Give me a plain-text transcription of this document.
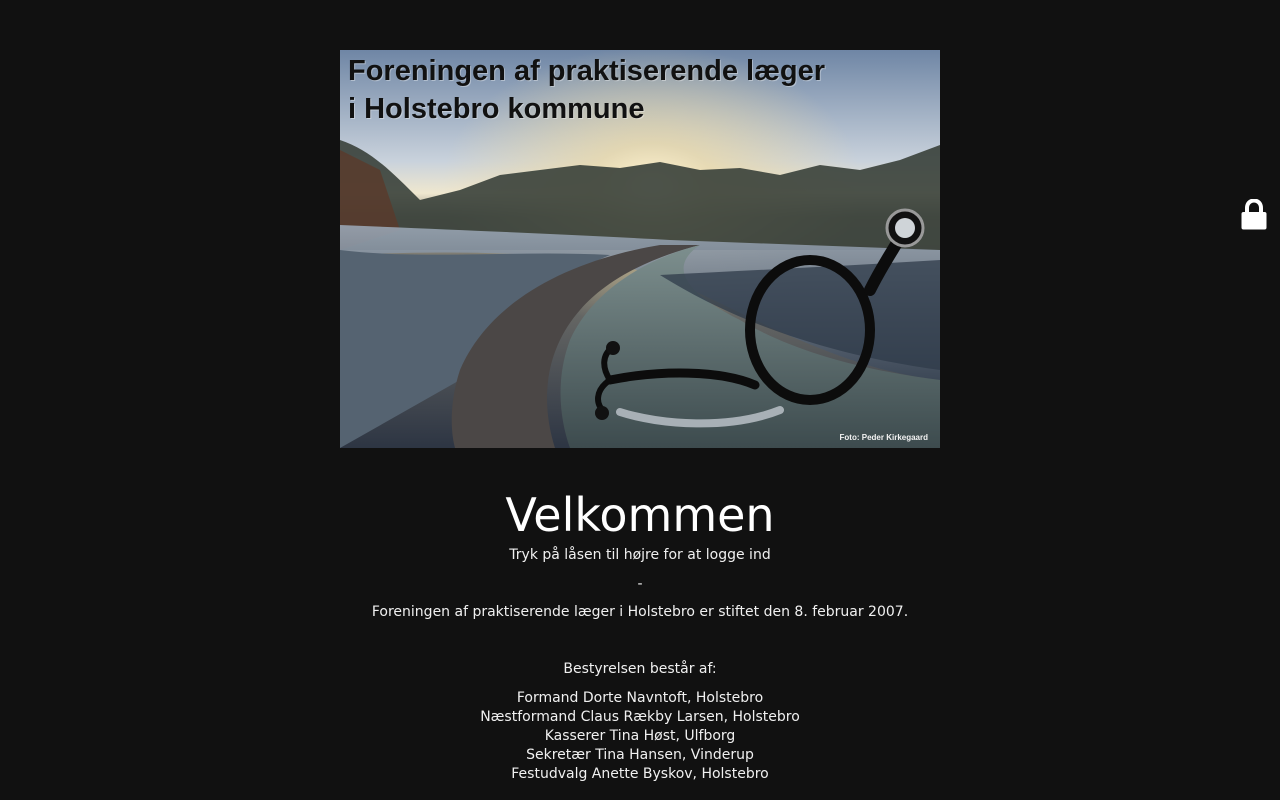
Foreningen af praktiserende læger
i Holstebro kommune
Foto: Peder Kirkegaard
Velkommen

Tryk på låsen til højre for at logge ind

-

Foreningen af praktiserende læger i Holstebro er stiftet den 8. februar 2007.

Bestyrelsen består af:

Formand Dorte Navntoft, Holstebro

Næstformand Claus Rækby Larsen, Holstebro

Kasserer Tina Høst, Ulfborg

Sekretær Tina Hansen, Vinderup

Festudvalg Anette Byskov, Holstebro
